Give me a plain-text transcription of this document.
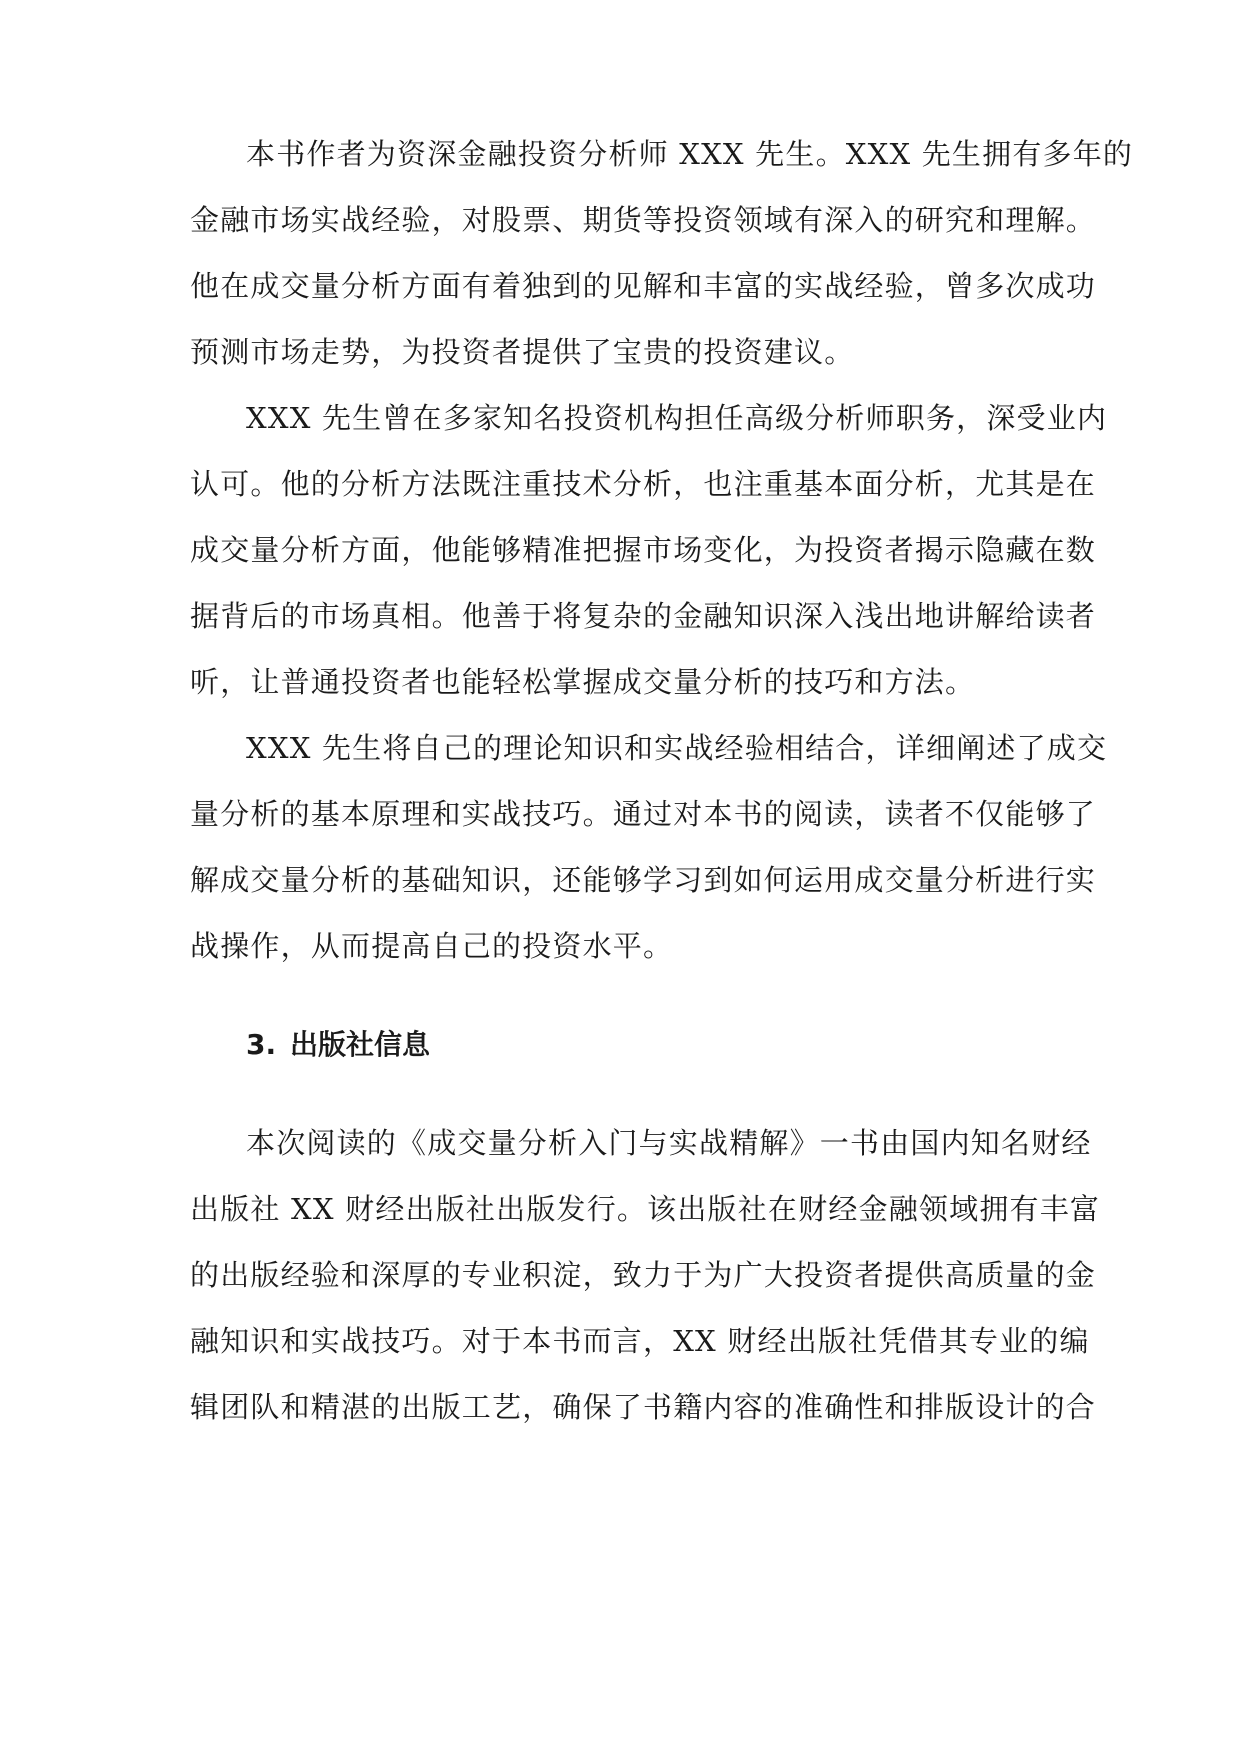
本书作者为资深金融投资分析师 XXX 先生。XXX 先生拥有多年的
金融市场实战经验，对股票、期货等投资领域有深入的研究和理解。
他在成交量分析方面有着独到的见解和丰富的实战经验，曾多次成功
预测市场走势，为投资者提供了宝贵的投资建议。
XXX 先生曾在多家知名投资机构担任高级分析师职务，深受业内
认可。他的分析方法既注重技术分析，也注重基本面分析，尤其是在
成交量分析方面，他能够精准把握市场变化，为投资者揭示隐藏在数
据背后的市场真相。他善于将复杂的金融知识深入浅出地讲解给读者
听，让普通投资者也能轻松掌握成交量分析的技巧和方法。
XXX 先生将自己的理论知识和实战经验相结合，详细阐述了成交
量分析的基本原理和实战技巧。通过对本书的阅读，读者不仅能够了
解成交量分析的基础知识，还能够学习到如何运用成交量分析进行实
战操作，从而提高自己的投资水平。
3. 出版社信息
本次阅读的《成交量分析入门与实战精解》一书由国内知名财经
出版社 XX 财经出版社出版发行。该出版社在财经金融领域拥有丰富
的出版经验和深厚的专业积淀，致力于为广大投资者提供高质量的金
融知识和实战技巧。对于本书而言，XX 财经出版社凭借其专业的编
辑团队和精湛的出版工艺，确保了书籍内容的准确性和排版设计的合
